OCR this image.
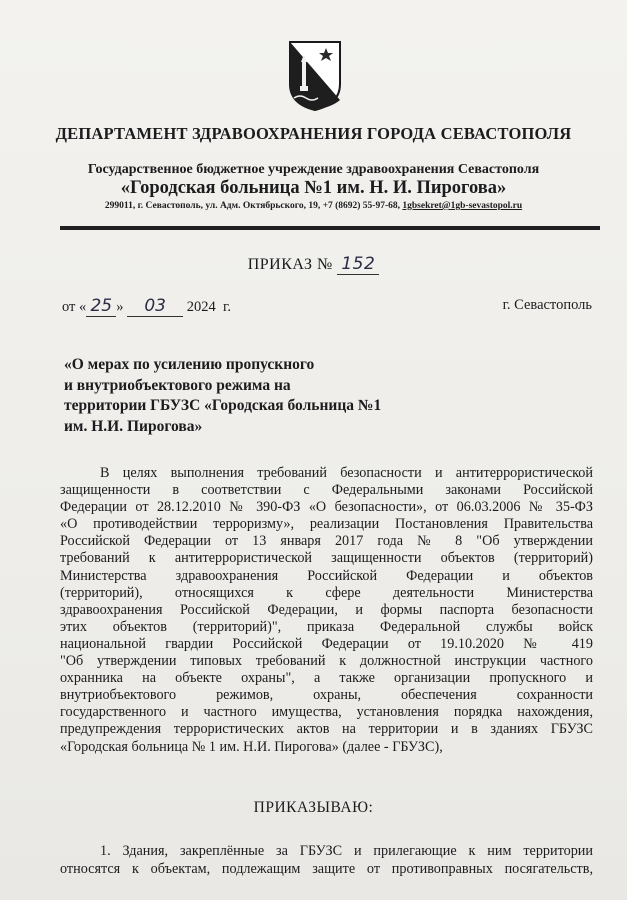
ДЕПАРТАМЕНТ ЗДРАВООХРАНЕНИЯ ГОРОДА СЕВАСТОПОЛЯ
Государственное бюджетное учреждение здравоохранения Севастополя
«Городская больница №1 им. Н. И. Пирогова»
299011, г. Севастополь, ул. Адм. Октябрьского, 19, +7 (8692) 55-97-68, 1gbsekret@1gb-sevastopol.ru
ПРИКАЗ № 152
от « 25 » 03 2024 г.	г. Севастополь
«О мерах по усилению пропускного
и внутриобъектового режима на
территории ГБУЗС «Городская больница №1
им. Н.И. Пирогова»
В целях выполнения требований безопасности и антитеррористической
защищенности в соответствии с Федеральными законами Российской
Федерации от 28.12.2010 № 390-ФЗ «О безопасности», от 06.03.2006 № 35-ФЗ
«О противодействии терроризму», реализации Постановления Правительства
Российской Федерации от 13 января 2017 года № 8 "Об утверждении
требований к антитеррористической защищенности объектов (территорий)
Министерства здравоохранения Российской Федерации и объектов
(территорий), относящихся к сфере деятельности Министерства
здравоохранения Российской Федерации, и формы паспорта безопасности
этих объектов (территорий)", приказа Федеральной службы войск
национальной гвардии Российской Федерации от 19.10.2020 № 419
"Об утверждении типовых требований к должностной инструкции частного
охранника на объекте охраны", а также организации пропускного и
внутриобъектового режимов, охраны, обеспечения сохранности
государственного и частного имущества, установления порядка нахождения,
предупреждения террористических актов на территории и в зданиях ГБУЗС
«Городская больница № 1 им. Н.И. Пирогова» (далее - ГБУЗС),
ПРИКАЗЫВАЮ:
1. Здания, закреплённые за ГБУЗС и прилегающие к ним территории
относятся к объектам, подлежащим защите от противоправных посягательств,
